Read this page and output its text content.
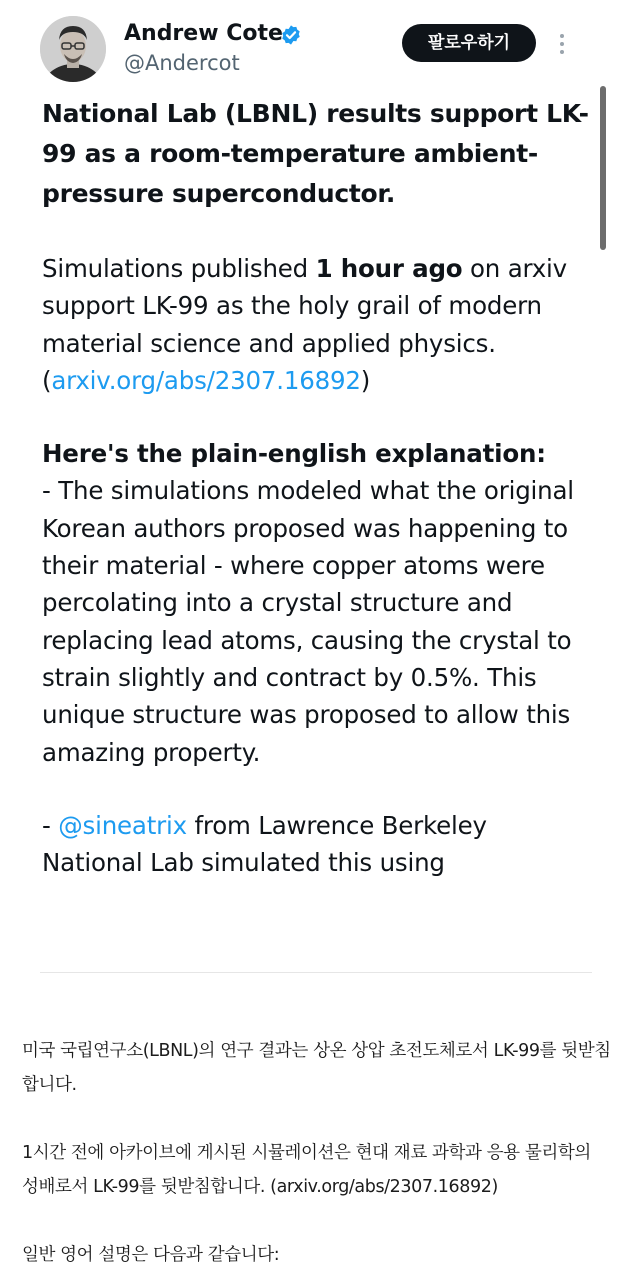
Andrew Cote
@Andercot
팔로우하기

National Lab (LBNL) results support LK-99 as a room-temperature ambient-pressure superconductor.

Simulations published 1 hour ago on arxiv support LK-99 as the holy grail of modern material science and applied physics.
(arxiv.org/abs/2307.16892)

Here's the plain-english explanation:

- The simulations modeled what the original Korean authors proposed was happening to their material - where copper atoms were percolating into a crystal structure and replacing lead atoms, causing the crystal to strain slightly and contract by 0.5%. This unique structure was proposed to allow this amazing property.

- @sineatrix from Lawrence Berkeley National Lab simulated this using

미국 국립연구소(LBNL)의 연구 결과는 상온 상압 초전도체로서 LK-99를 뒷받침합니다.

1시간 전에 아카이브에 게시된 시뮬레이션은 현대 재료 과학과 응용 물리학의 성배로서 LK-99를 뒷받침합니다. (arxiv.org/abs/2307.16892)

일반 영어 설명은 다음과 같습니다:
